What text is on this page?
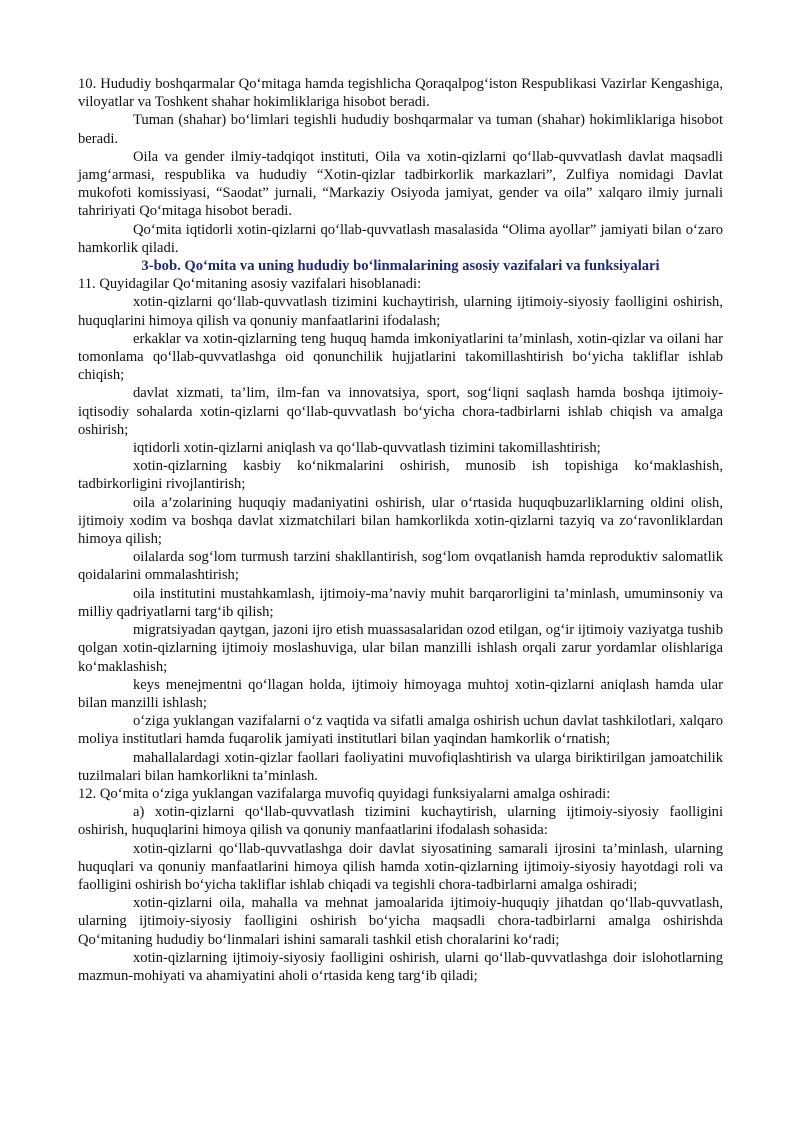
10. Hududiy boshqarmalar Qo‘mitaga hamda tegishlicha Qoraqalpog‘iston Respublikasi Vazirlar Kengashiga, viloyatlar va Toshkent shahar hokimliklariga hisobot beradi.

Tuman (shahar) bo‘limlari tegishli hududiy boshqarmalar va tuman (shahar) hokimliklariga hisobot beradi.

Oila va gender ilmiy-tadqiqot instituti, Oila va xotin-qizlarni qo‘llab-quvvatlash davlat maqsadli jamg‘armasi, respublika va hududiy “Xotin-qizlar tadbirkorlik markazlari”, Zulfiya nomidagi Davlat mukofoti komissiyasi, “Saodat” jurnali, “Markaziy Osiyoda jamiyat, gender va oila” xalqaro ilmiy jurnali tahririyati Qo‘mitaga hisobot beradi.

Qo‘mita iqtidorli xotin-qizlarni qo‘llab-quvvatlash masalasida “Olima ayollar” jamiyati bilan o‘zaro hamkorlik qiladi.

3-bob. Qo‘mita va uning hududiy bo‘linmalarining asosiy vazifalari va funksiyalari

11. Quyidagilar Qo‘mitaning asosiy vazifalari hisoblanadi:

xotin-qizlarni qo‘llab-quvvatlash tizimini kuchaytirish, ularning ijtimoiy-siyosiy faolligini oshirish, huquqlarini himoya qilish va qonuniy manfaatlarini ifodalash;

erkaklar va xotin-qizlarning teng huquq hamda imkoniyatlarini ta’minlash, xotin-qizlar va oilani har tomonlama qo‘llab-quvvatlashga oid qonunchilik hujjatlarini takomillashtirish bo‘yicha takliflar ishlab chiqish;

davlat xizmati, ta’lim, ilm-fan va innovatsiya, sport, sog‘liqni saqlash hamda boshqa ijtimoiy-iqtisodiy sohalarda xotin-qizlarni qo‘llab-quvvatlash bo‘yicha chora-tadbirlarni ishlab chiqish va amalga oshirish;

iqtidorli xotin-qizlarni aniqlash va qo‘llab-quvvatlash tizimini takomillashtirish;

xotin-qizlarning kasbiy ko‘nikmalarini oshirish, munosib ish topishiga ko‘maklashish, tadbirkorligini rivojlantirish;

oila a’zolarining huquqiy madaniyatini oshirish, ular o‘rtasida huquqbuzarliklarning oldini olish, ijtimoiy xodim va boshqa davlat xizmatchilari bilan hamkorlikda xotin-qizlarni tazyiq va zo‘ravonliklardan himoya qilish;

oilalarda sog‘lom turmush tarzini shakllantirish, sog‘lom ovqatlanish hamda reproduktiv salomatlik qoidalarini ommalashtirish;

oila institutini mustahkamlash, ijtimoiy-ma’naviy muhit barqarorligini ta’minlash, umuminsoniy va milliy qadriyatlarni targ‘ib qilish;

migratsiyadan qaytgan, jazoni ijro etish muassasalaridan ozod etilgan, og‘ir ijtimoiy vaziyatga tushib qolgan xotin-qizlarning ijtimoiy moslashuviga, ular bilan manzilli ishlash orqali zarur yordamlar olishlariga ko‘maklashish;

keys menejmentni qo‘llagan holda, ijtimoiy himoyaga muhtoj xotin-qizlarni aniqlash hamda ular bilan manzilli ishlash;

o‘ziga yuklangan vazifalarni o‘z vaqtida va sifatli amalga oshirish uchun davlat tashkilotlari, xalqaro moliya institutlari hamda fuqarolik jamiyati institutlari bilan yaqindan hamkorlik o‘rnatish;

mahallalardagi xotin-qizlar faollari faoliyatini muvofiqlashtirish va ularga biriktirilgan jamoatchilik tuzilmalari bilan hamkorlikni ta’minlash.

12. Qo‘mita o‘ziga yuklangan vazifalarga muvofiq quyidagi funksiyalarni amalga oshiradi:

a) xotin-qizlarni qo‘llab-quvvatlash tizimini kuchaytirish, ularning ijtimoiy-siyosiy faolligini oshirish, huquqlarini himoya qilish va qonuniy manfaatlarini ifodalash sohasida:

xotin-qizlarni qo‘llab-quvvatlashga doir davlat siyosatining samarali ijrosini ta’minlash, ularning huquqlari va qonuniy manfaatlarini himoya qilish hamda xotin-qizlarning ijtimoiy-siyosiy hayotdagi roli va faolligini oshirish bo‘yicha takliflar ishlab chiqadi va tegishli chora-tadbirlarni amalga oshiradi;

xotin-qizlarni oila, mahalla va mehnat jamoalarida ijtimoiy-huquqiy jihatdan qo‘llab-quvvatlash, ularning ijtimoiy-siyosiy faolligini oshirish bo‘yicha maqsadli chora-tadbirlarni amalga oshirishda Qo‘mitaning hududiy bo‘linmalari ishini samarali tashkil etish choralarini ko‘radi;

xotin-qizlarning ijtimoiy-siyosiy faolligini oshirish, ularni qo‘llab-quvvatlashga doir islohotlarning mazmun-mohiyati va ahamiyatini aholi o‘rtasida keng targ‘ib qiladi;
